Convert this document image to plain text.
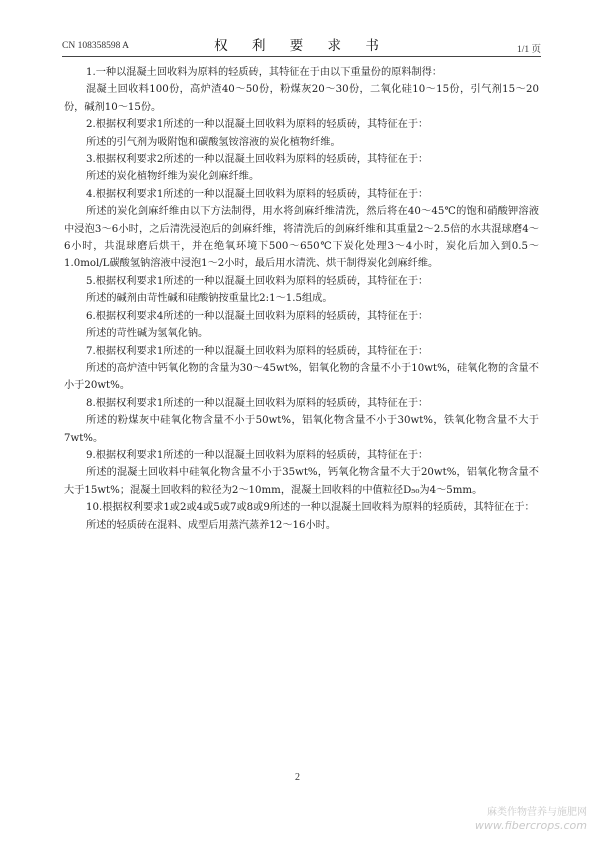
CN 108358598 A	权 利 要 求 书	1/1 页

1.一种以混凝土回收料为原料的轻质砖，其特征在于由以下重量份的原料制得：

混凝土回收料100份，高炉渣40～50份，粉煤灰20～30份，二氧化硅10～15份，引气剂15～20份，碱剂10～15份。

2.根据权利要求1所述的一种以混凝土回收料为原料的轻质砖，其特征在于：

所述的引气剂为吸附饱和碳酸氢铵溶液的炭化植物纤维。

3.根据权利要求2所述的一种以混凝土回收料为原料的轻质砖，其特征在于：

所述的炭化植物纤维为炭化剑麻纤维。

4.根据权利要求1所述的一种以混凝土回收料为原料的轻质砖，其特征在于：

所述的炭化剑麻纤维由以下方法制得，用水将剑麻纤维清洗，然后将在40～45℃的饱和硝酸钾溶液中浸泡3～6小时，之后清洗浸泡后的剑麻纤维，将清洗后的剑麻纤维和其重量2～2.5倍的水共混球磨4～6小时，共混球磨后烘干，并在绝氧环境下500～650℃下炭化处理3～4小时，炭化后加入到0.5～1.0mol/L碳酸氢钠溶液中浸泡1～2小时，最后用水清洗、烘干制得炭化剑麻纤维。

5.根据权利要求1所述的一种以混凝土回收料为原料的轻质砖，其特征在于：

所述的碱剂由苛性碱和硅酸钠按重量比2:1～1.5组成。

6.根据权利要求4所述的一种以混凝土回收料为原料的轻质砖，其特征在于：

所述的苛性碱为氢氧化钠。

7.根据权利要求1所述的一种以混凝土回收料为原料的轻质砖，其特征在于：

所述的高炉渣中钙氧化物的含量为30～45wt%，铝氧化物的含量不小于10wt%，硅氧化物的含量不小于20wt%。

8.根据权利要求1所述的一种以混凝土回收料为原料的轻质砖，其特征在于：

所述的粉煤灰中硅氧化物含量不小于50wt%，铝氧化物含量不小于30wt%，铁氧化物含量不大于7wt%。

9.根据权利要求1所述的一种以混凝土回收料为原料的轻质砖，其特征在于：

所述的混凝土回收料中硅氧化物含量不小于35wt%，钙氧化物含量不大于20wt%，铝氧化物含量不大于15wt%；混凝土回收料的粒径为2～10mm，混凝土回收料的中值粒径D₅₀为4～5mm。

10.根据权利要求1或2或4或5或7或8或9所述的一种以混凝土回收料为原料的轻质砖，其特征在于：

所述的轻质砖在混料、成型后用蒸汽蒸养12～16小时。

2
麻类作物营养与施肥网
www.fibercrops.com
